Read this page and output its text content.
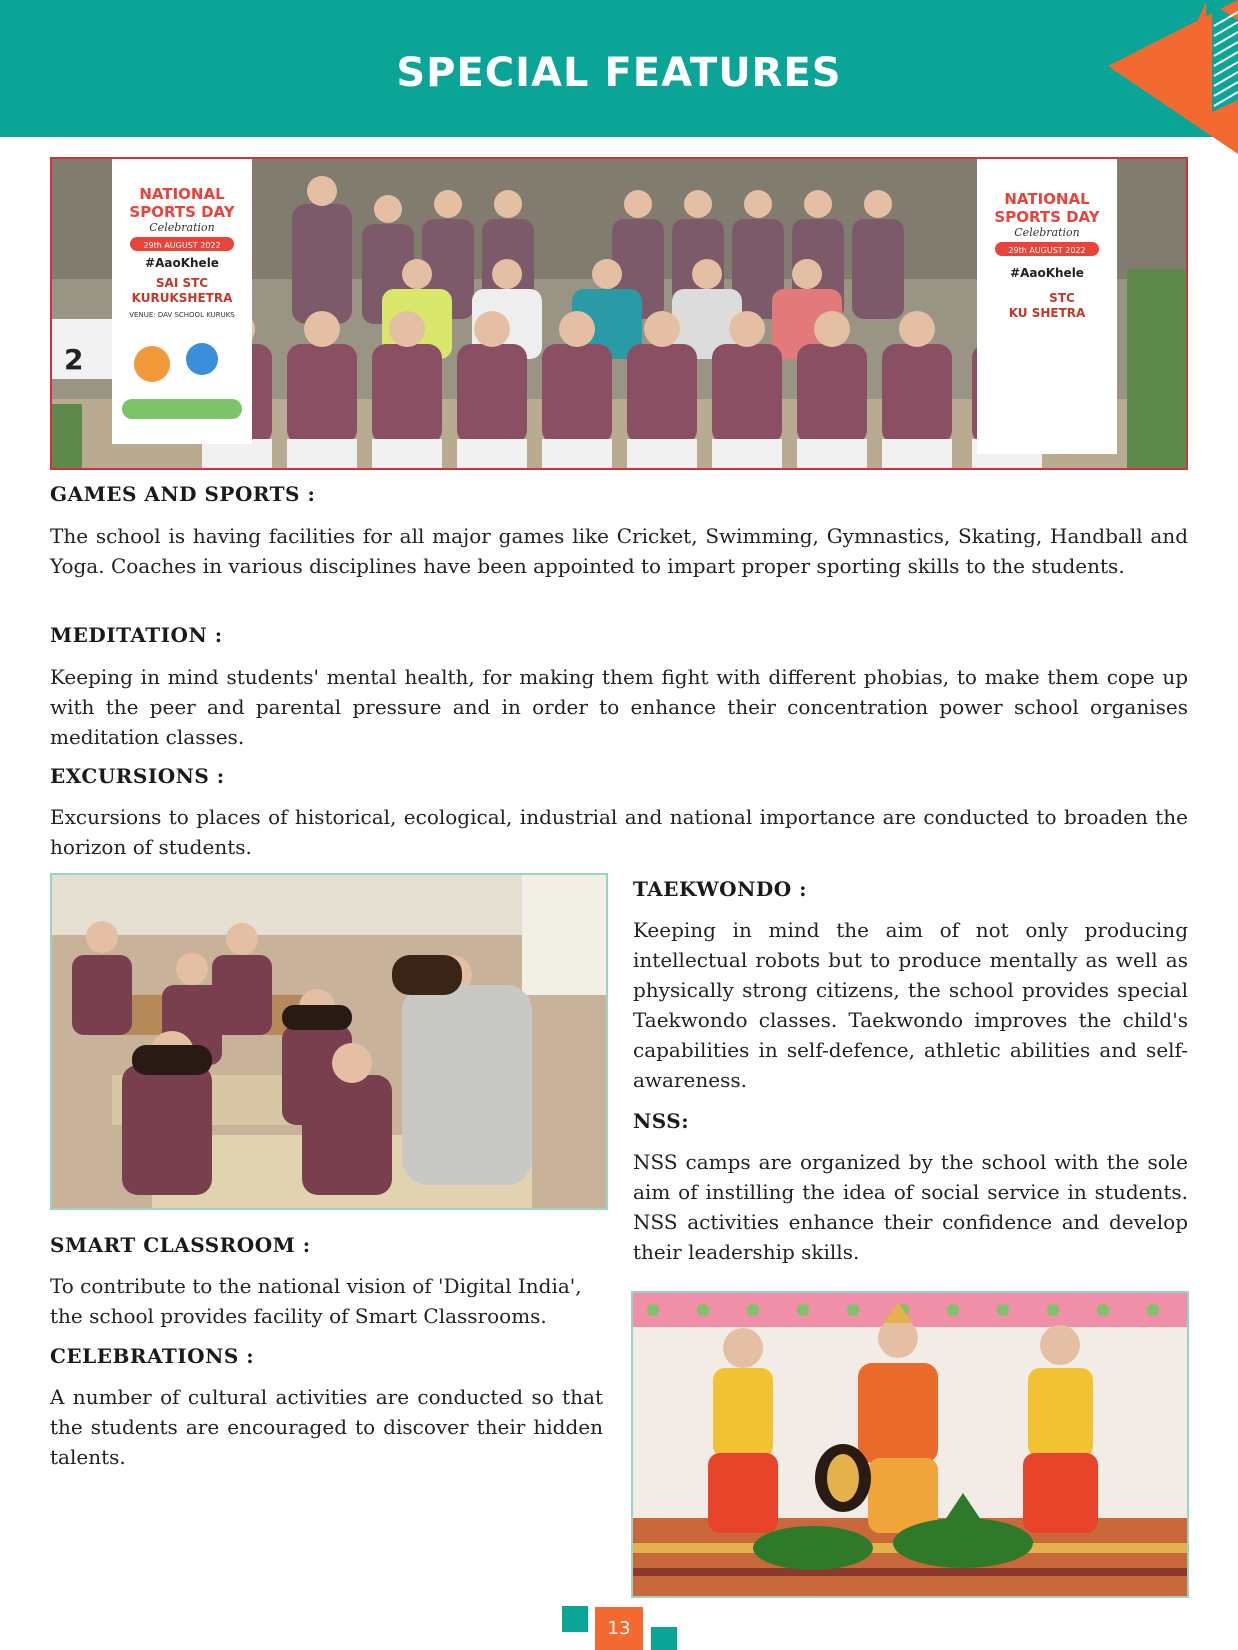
SPECIAL FEATURES
NATIONAL
SPORTS DAY
Celebration
29th AUGUST 2022
#AaoKhele
SAI STC
KURUKSHETRA
VENUE: DAV SCHOOL KURUKS
2
NATIONAL
SPORTS DAY
Celebration
29th AUGUST 2022
#AaoKhele
STC
KU SHETRA
GAMES AND SPORTS :
The school is having facilities for all major games like Cricket, Swimming, Gymnastics, Skating, Handball and Yoga. Coaches in various disciplines have been appointed to impart proper sporting skills to the students.
MEDITATION :
Keeping in mind students' mental health, for making them fight with different phobias, to make them cope up with the peer and parental pressure and in order to enhance their concentration power school organises meditation classes.
EXCURSIONS :
Excursions to places of historical, ecological, industrial and national importance are conducted to broaden the horizon of students.
SMART CLASSROOM :
To contribute to the national vision of 'Digital India', the school provides facility of Smart Classrooms.
CELEBRATIONS :
A number of cultural activities are conducted so that the students are encouraged to discover their hidden talents.
TAEKWONDO :
Keeping in mind the aim of not only producing intellectual robots but to produce mentally as well as physically strong citizens, the school provides special Taekwondo classes. Taekwondo improves the child's capabilities in self-defence, athletic abilities and self-awareness.
NSS:
NSS camps are organized by the school with the sole aim of instilling the idea of social service in students. NSS activities enhance their confidence and develop their leadership skills.
13
